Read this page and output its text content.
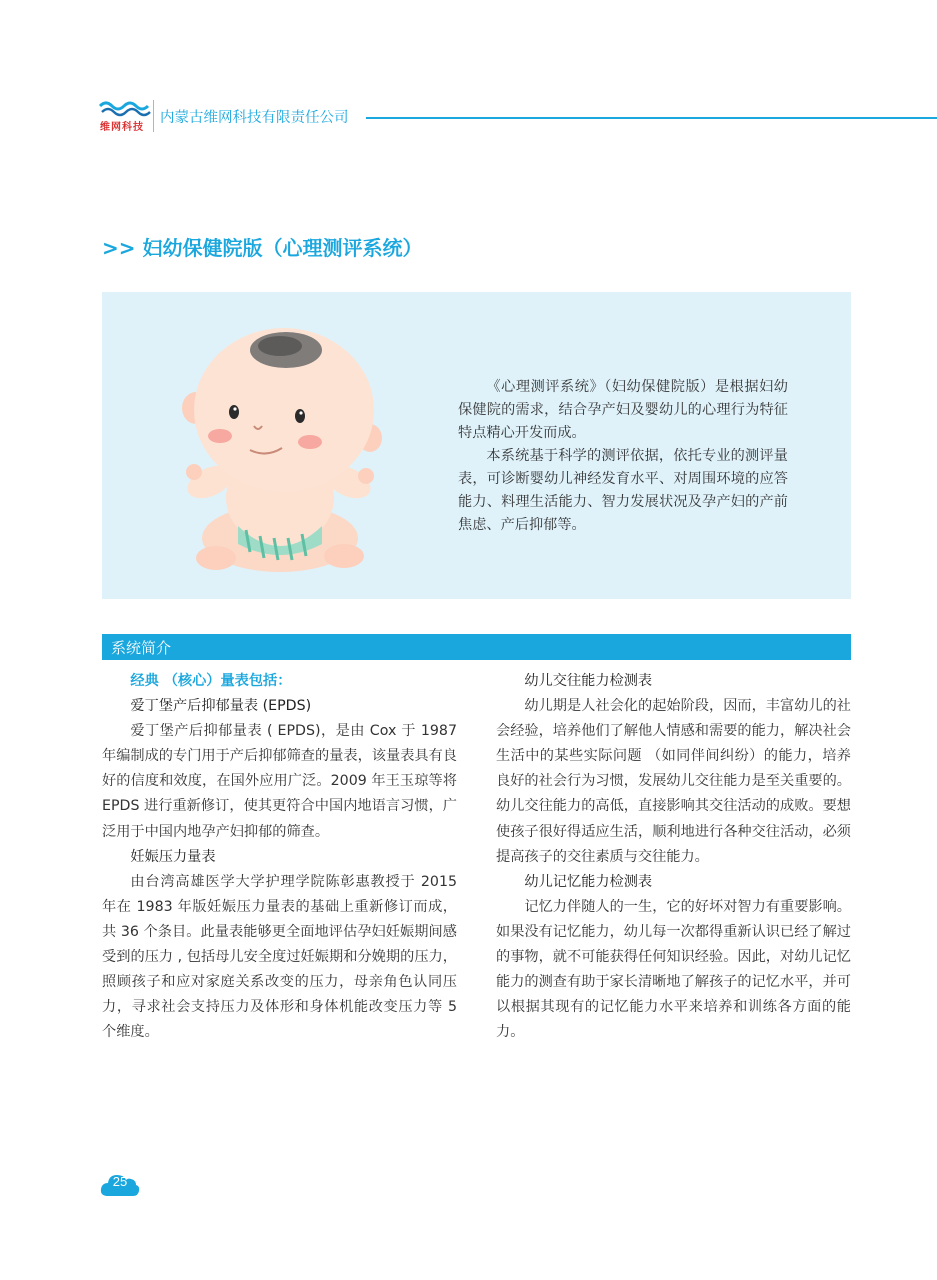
维网科技
内蒙古维网科技有限责任公司
>> 妇幼保健院版（心理测评系统）

《心理测评系统》（妇幼保健院版）是根据妇幼保健院的需求，结合孕产妇及婴幼儿的心理行为特征特点精心开发而成。

本系统基于科学的测评依据，依托专业的测评量表，可诊断婴幼儿神经发育水平、对周围环境的应答能力、料理生活能力、智力发展状况及孕产妇的产前焦虑、产后抑郁等。

系统简介

经典 （核心）量表包括：

爱丁堡产后抑郁量表 (EPDS)

爱丁堡产后抑郁量表 ( EPDS)，是由 Cox 于 1987 年编制成的专门用于产后抑郁筛查的量表，该量表具有良好的信度和效度，在国外应用广泛。2009 年王玉琼等将 EPDS 进行重新修订，使其更符合中国内地语言习惯，广泛用于中国内地孕产妇抑郁的筛查。

妊娠压力量表

由台湾高雄医学大学护理学院陈彰惠教授于 2015 年在 1983 年版妊娠压力量表的基础上重新修订而成，共 36 个条目。此量表能够更全面地评估孕妇妊娠期间感受到的压力 , 包括母儿安全度过妊娠期和分娩期的压力，照顾孩子和应对家庭关系改变的压力，母亲角色认同压力，寻求社会支持压力及体形和身体机能改变压力等 5 个维度。

幼儿交往能力检测表

幼儿期是人社会化的起始阶段，因而，丰富幼儿的社会经验，培养他们了解他人情感和需要的能力，解决社会生活中的某些实际问题 （如同伴间纠纷）的能力，培养良好的社会行为习惯，发展幼儿交往能力是至关重要的。幼儿交往能力的高低，直接影响其交往活动的成败。要想使孩子很好得适应生活，顺利地进行各种交往活动，必须提高孩子的交往素质与交往能力。

幼儿记忆能力检测表

记忆力伴随人的一生，它的好坏对智力有重要影响。如果没有记忆能力，幼儿每一次都得重新认识已经了解过的事物，就不可能获得任何知识经验。因此，对幼儿记忆能力的测查有助于家长清晰地了解孩子的记忆水平，并可以根据其现有的记忆能力水平来培养和训练各方面的能力。

25
